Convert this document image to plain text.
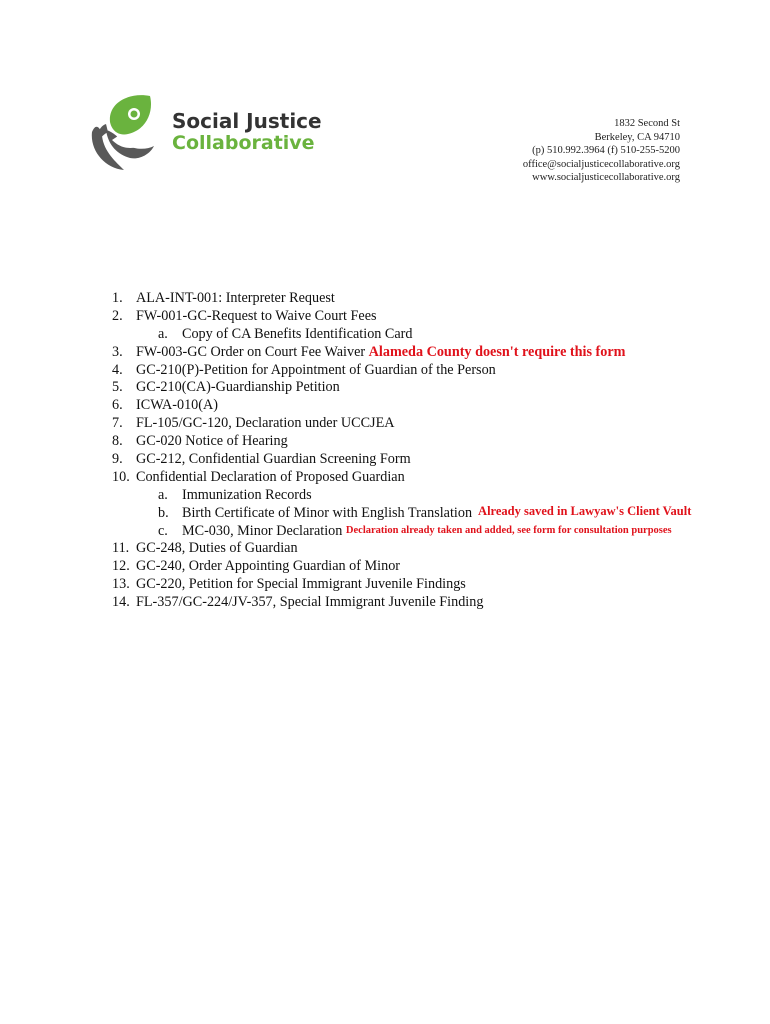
Social Justice
Collaborative
1832 Second St
Berkeley, CA 94710
(p) 510.992.3964 (f) 510-255-5200
office@socialjusticecollaborative.org
www.socialjusticecollaborative.org
1. ALA-INT-001: Interpreter Request
2. FW-001-GC-Request to Waive Court Fees
a. Copy of CA Benefits Identification Card
3. FW-003-GC Order on Court Fee Waiver Alameda County doesn't require this form
4. GC-210(P)-Petition for Appointment of Guardian of the Person
5. GC-210(CA)-Guardianship Petition
6. ICWA-010(A)
7. FL-105/GC-120, Declaration under UCCJEA
8. GC-020 Notice of Hearing
9. GC-212, Confidential Guardian Screening Form
10. Confidential Declaration of Proposed Guardian
a. Immunization Records
b. Birth Certificate of Minor with English Translation Already saved in Lawyaw's Client Vault
c. MC-030, Minor Declaration Declaration already taken and added, see form for consultation purposes
11. GC-248, Duties of Guardian
12. GC-240, Order Appointing Guardian of Minor
13. GC-220, Petition for Special Immigrant Juvenile Findings
14. FL-357/GC-224/JV-357, Special Immigrant Juvenile Finding
